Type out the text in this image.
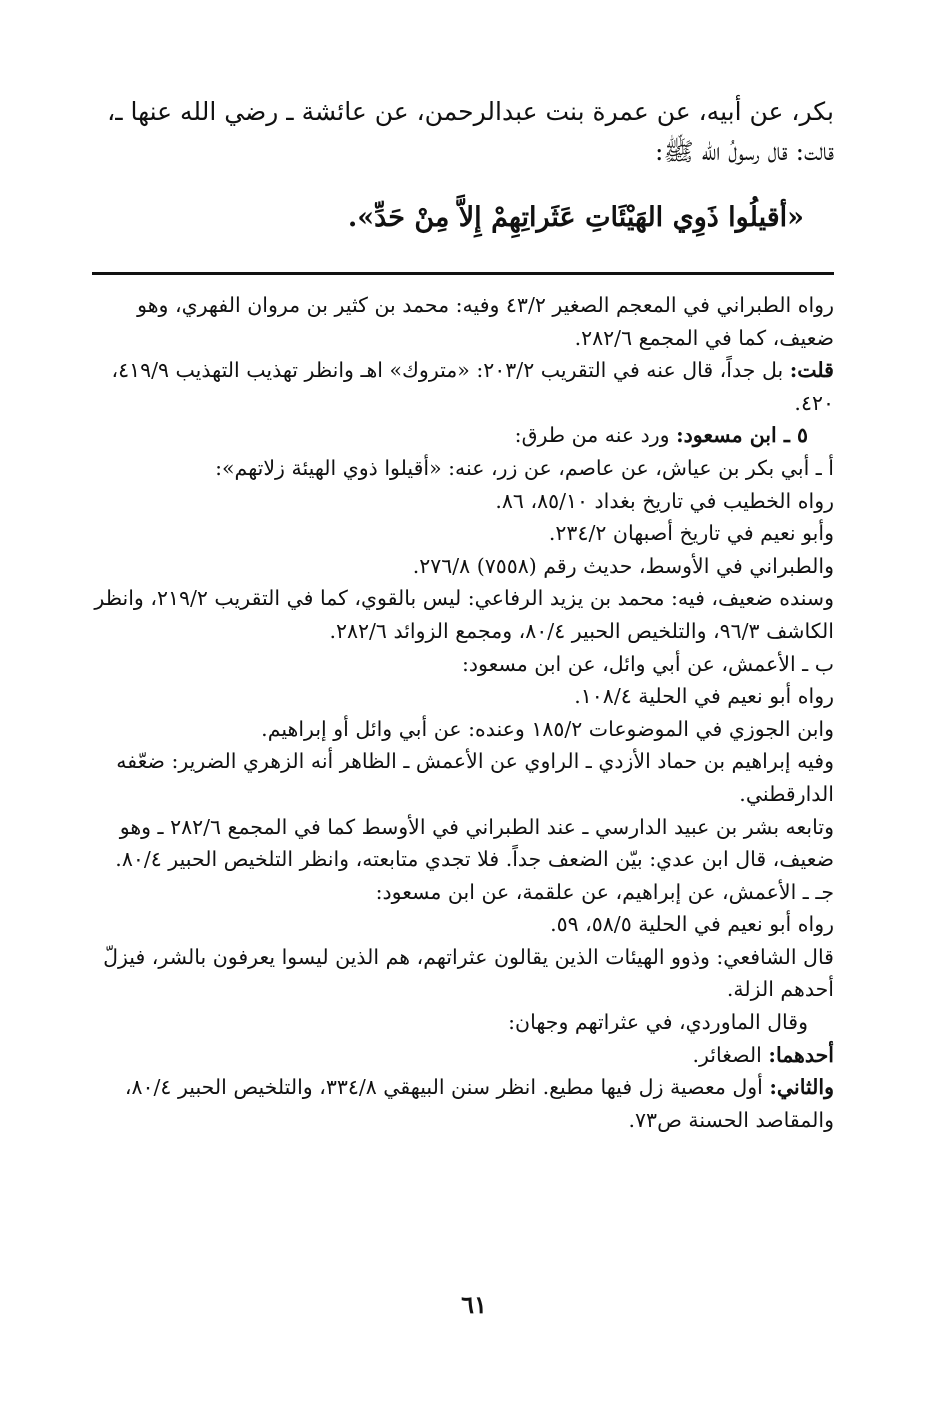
بكر، عن أبيه، عن عمرة بنت عبدالرحمن، عن عائشة ـ رضي الله عنها ـ،

قالت: قال رسولُ الله ﷺ:

«أقيلُوا ذَوِي الهَيْئَاتِ عَثَراتِهِمْ إِلاَّ مِنْ حَدِّ».

رواه الطبراني في المعجم الصغير ٤٣/٢ وفيه: محمد بن كثير بن مروان الفهري، وهو ضعيف، كما في المجمع ٢٨٢/٦.

قلت: بل جداً، قال عنه في التقريب ٢٠٣/٢: «متروك» اهـ وانظر تهذيب التهذيب ٤١٩/٩، ٤٢٠.

٥ ـ ابن مسعود: ورد عنه من طرق:

أ ـ أبي بكر بن عياش، عن عاصم، عن زر، عنه: «أقيلوا ذوي الهيئة زلاتهم»:

رواه الخطيب في تاريخ بغداد ٨٥/١٠، ٨٦.

وأبو نعيم في تاريخ أصبهان ٢٣٤/٢.

والطبراني في الأوسط، حديث رقم (٧٥٥٨) ٢٧٦/٨.

وسنده ضعيف، فيه: محمد بن يزيد الرفاعي: ليس بالقوي، كما في التقريب ٢١٩/٢، وانظر الكاشف ٩٦/٣، والتلخيص الحبير ٨٠/٤، ومجمع الزوائد ٢٨٢/٦.

ب ـ الأعمش، عن أبي وائل، عن ابن مسعود:

رواه أبو نعيم في الحلية ١٠٨/٤.

وابن الجوزي في الموضوعات ١٨٥/٢ وعنده: عن أبي وائل أو إبراهيم.

وفيه إبراهيم بن حماد الأزدي ـ الراوي عن الأعمش ـ الظاهر أنه الزهري الضرير: ضعّفه الدارقطني.

وتابعه بشر بن عبيد الدارسي ـ عند الطبراني في الأوسط كما في المجمع ٢٨٢/٦ ـ وهو ضعيف، قال ابن عدي: بيّن الضعف جداً. فلا تجدي متابعته، وانظر التلخيص الحبير ٨٠/٤.

جـ ـ الأعمش، عن إبراهيم، عن علقمة، عن ابن مسعود:

رواه أبو نعيم في الحلية ٥٨/٥، ٥٩.

قال الشافعي: وذوو الهيئات الذين يقالون عثراتهم، هم الذين ليسوا يعرفون بالشر، فيزلّ أحدهم الزلة.

وقال الماوردي، في عثراتهم وجهان:

أحدهما: الصغائر.

والثاني: أول معصية زل فيها مطيع. انظر سنن البيهقي ٣٣٤/٨، والتلخيص الحبير ٨٠/٤، والمقاصد الحسنة ص٧٣.

٦١
